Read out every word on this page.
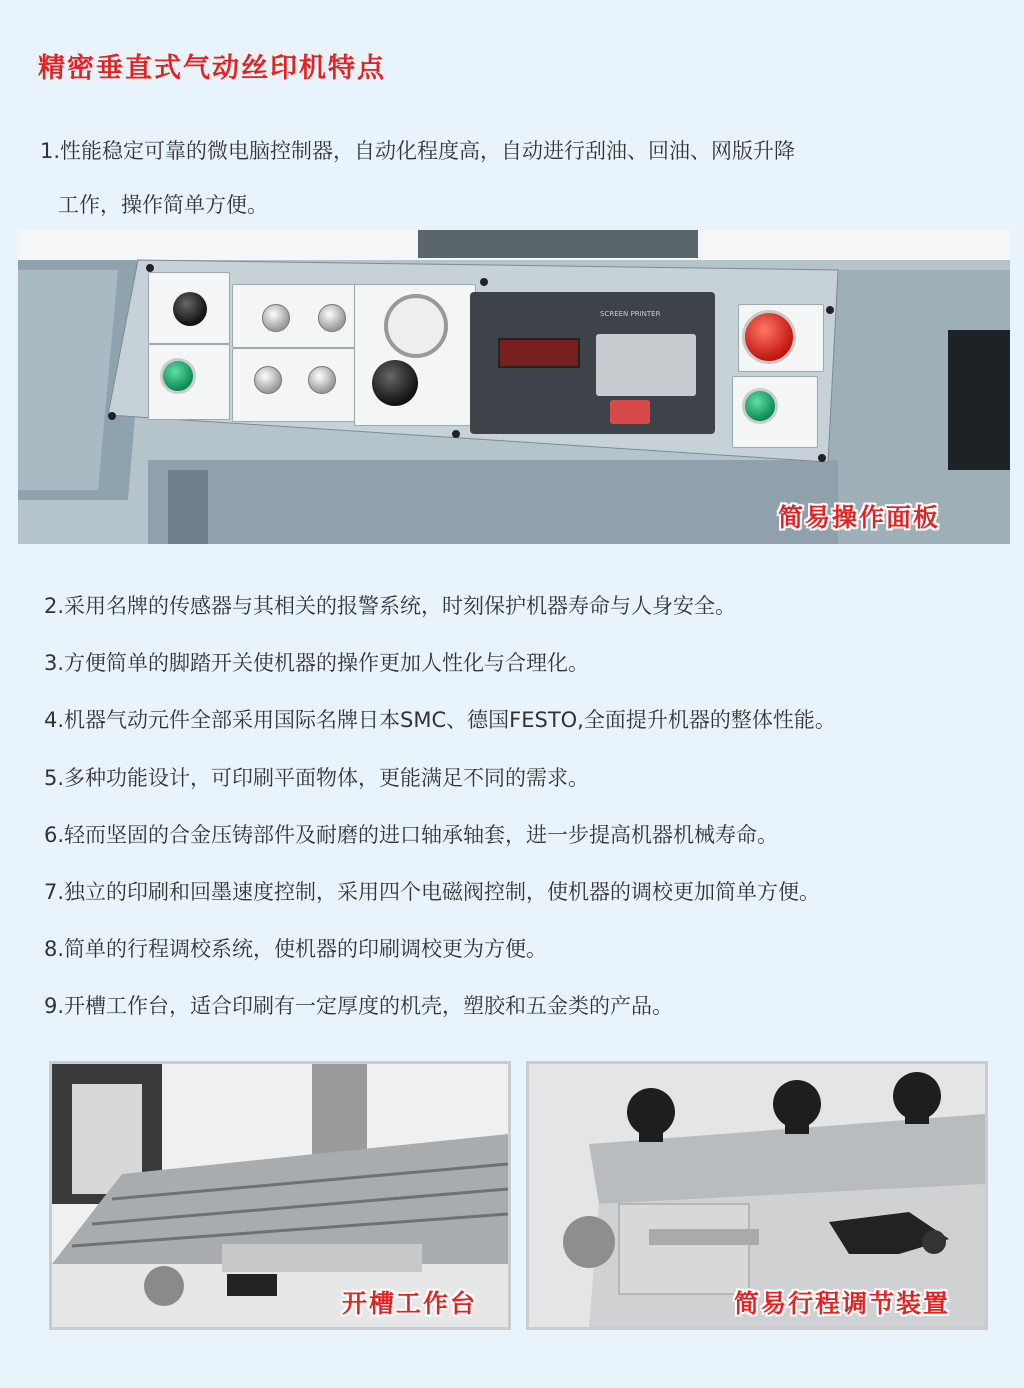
精密垂直式气动丝印机特点
1.性能稳定可靠的微电脑控制器，自动化程度高，自动进行刮油、回油、网版升降
工作，操作简单方便。
SCREEN PRINTER
简易操作面板
2.采用名牌的传感器与其相关的报警系统，时刻保护机器寿命与人身安全。
3.方便简单的脚踏开关使机器的操作更加人性化与合理化。
4.机器气动元件全部采用国际名牌日本SMC、德国FESTO,全面提升机器的整体性能。
5.多种功能设计，可印刷平面物体，更能满足不同的需求。
6.轻而坚固的合金压铸部件及耐磨的进口轴承轴套，进一步提高机器机械寿命。
7.独立的印刷和回墨速度控制，采用四个电磁阀控制，使机器的调校更加简单方便。
8.简单的行程调校系统，使机器的印刷调校更为方便。
9.开槽工作台，适合印刷有一定厚度的机壳，塑胶和五金类的产品。
开槽工作台	简易行程调节装置
